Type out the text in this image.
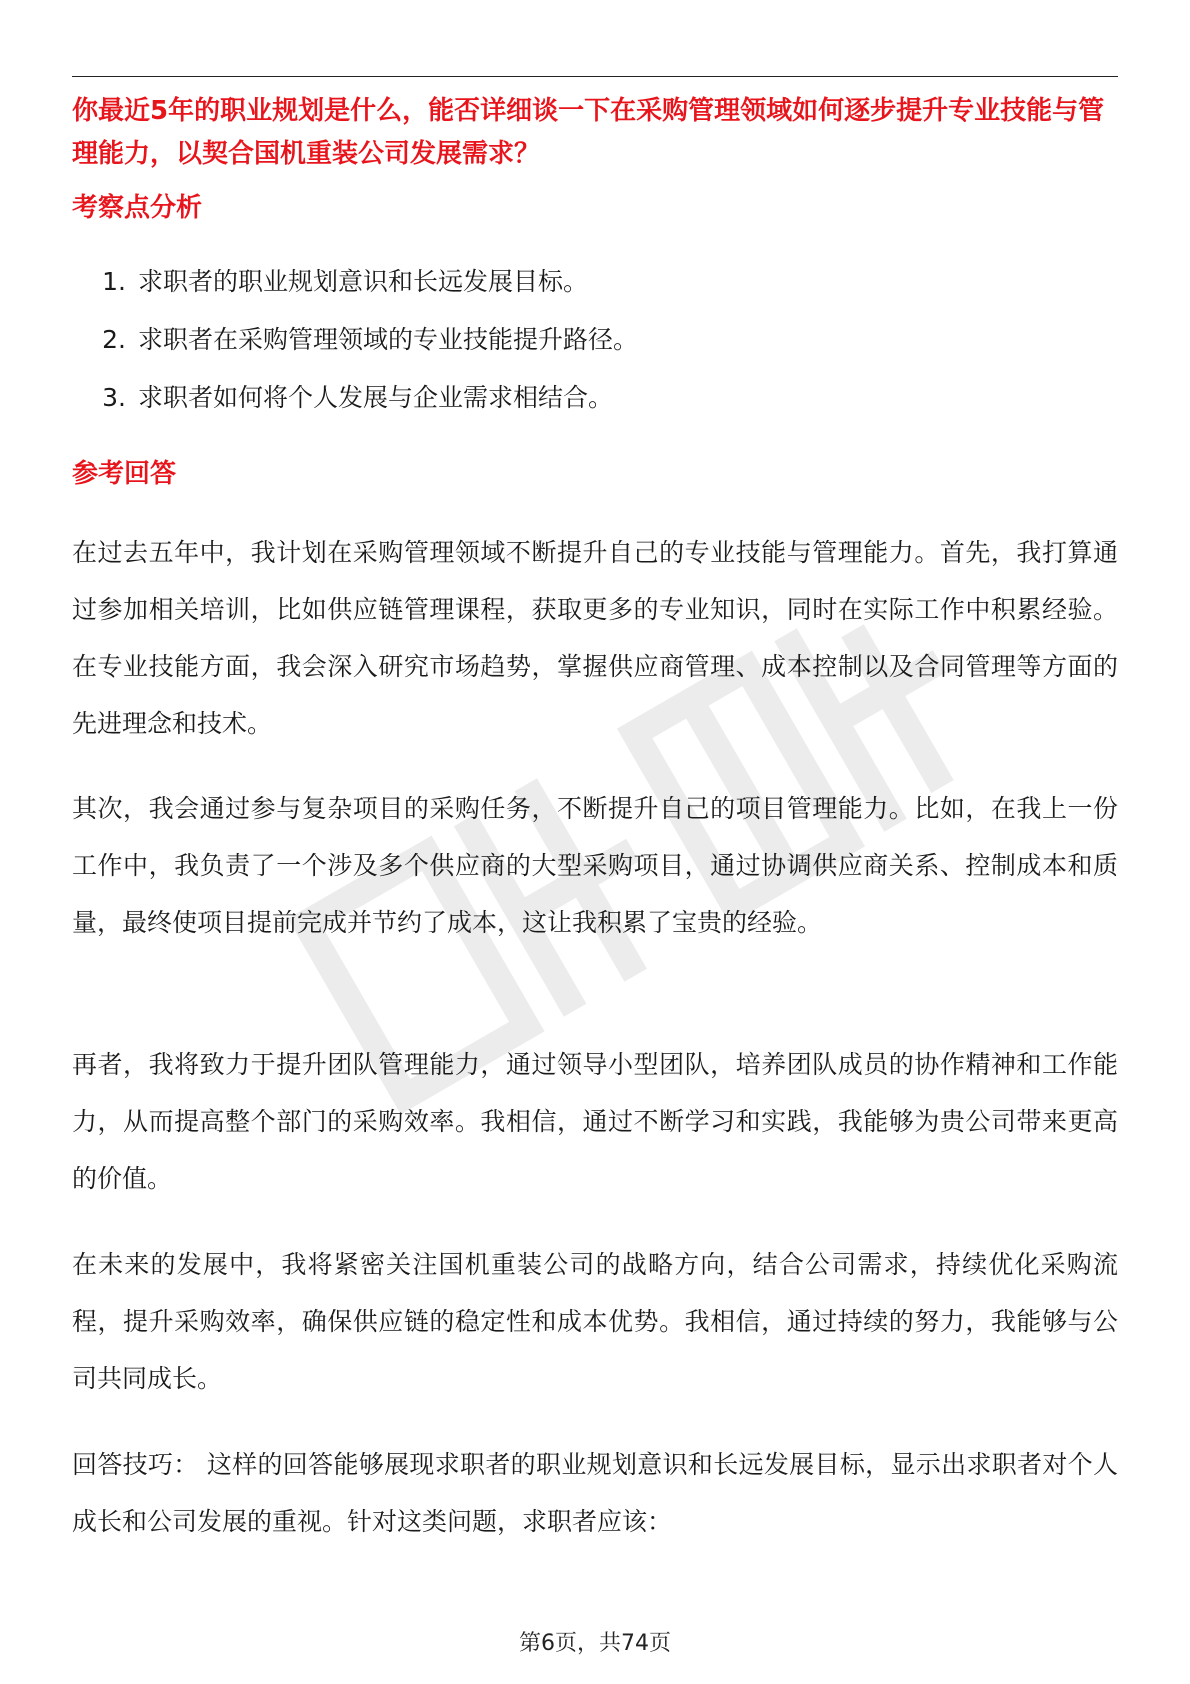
你最近5年的职业规划是什么，能否详细谈一下在采购管理领域如何逐步提升专业技能与管理能力，以契合国机重装公司发展需求？

考察点分析
1. 求职者的职业规划意识和长远发展目标。
2. 求职者在采购管理领域的专业技能提升路径。
3. 求职者如何将个人发展与企业需求相结合。
参考回答

在过去五年中，我计划在采购管理领域不断提升自己的专业技能与管理能力。首先，我打算通过参加相关培训，比如供应链管理课程，获取更多的专业知识，同时在实际工作中积累经验。在专业技能方面，我会深入研究市场趋势，掌握供应商管理、成本控制以及合同管理等方面的先进理念和技术。

其次，我会通过参与复杂项目的采购任务，不断提升自己的项目管理能力。比如，在我上一份工作中，我负责了一个涉及多个供应商的大型采购项目，通过协调供应商关系、控制成本和质量，最终使项目提前完成并节约了成本，这让我积累了宝贵的经验。

再者，我将致力于提升团队管理能力，通过领导小型团队，培养团队成员的协作精神和工作能力，从而提高整个部门的采购效率。我相信，通过不断学习和实践，我能够为贵公司带来更高的价值。

在未来的发展中，我将紧密关注国机重装公司的战略方向，结合公司需求，持续优化采购流程，提升采购效率，确保供应链的稳定性和成本优势。我相信，通过持续的努力，我能够与公司共同成长。

回答技巧： 这样的回答能够展现求职者的职业规划意识和长远发展目标，显示出求职者对个人成长和公司发展的重视。针对这类问题，求职者应该：

第6页，共74页
